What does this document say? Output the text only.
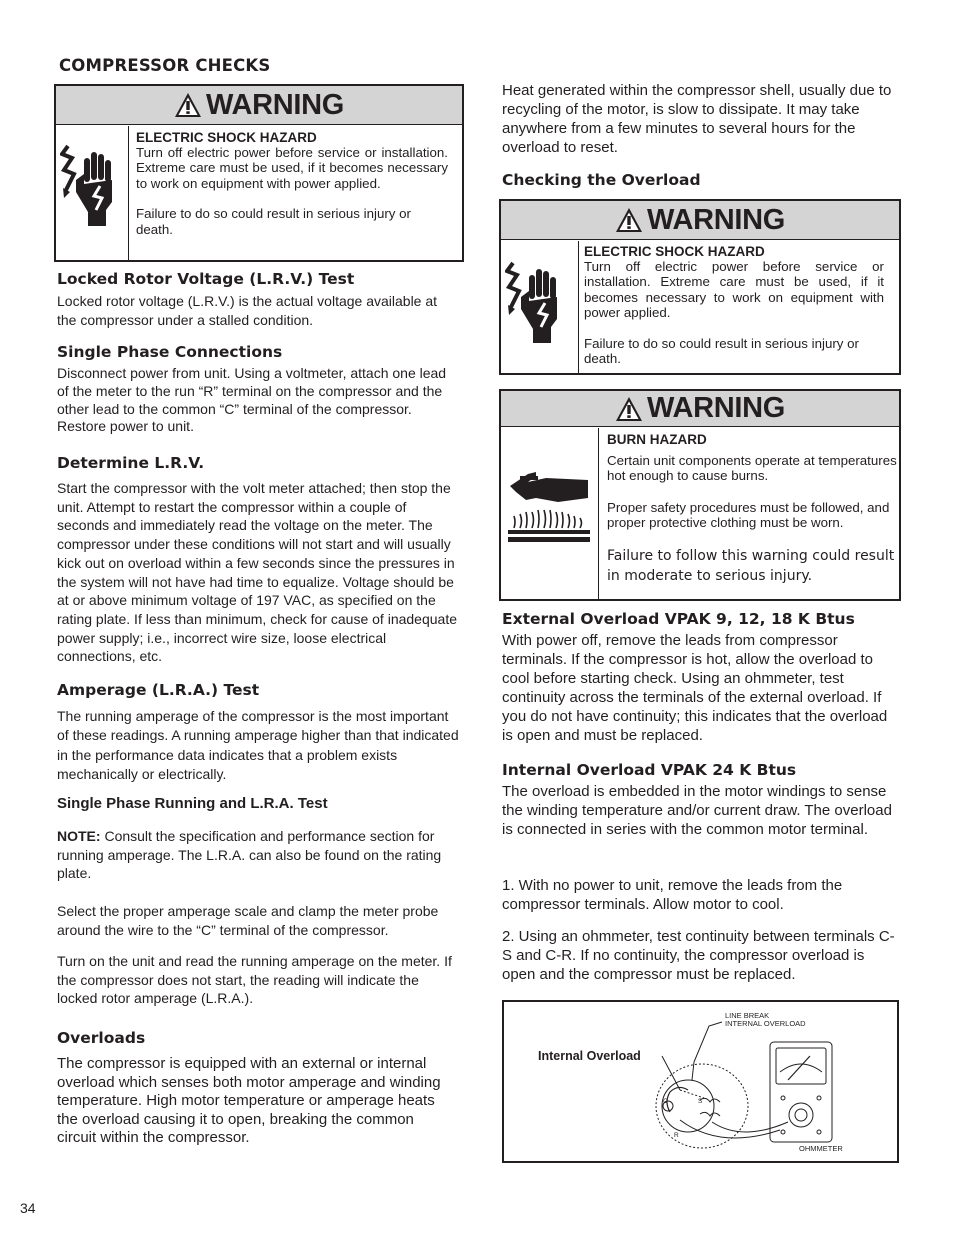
COMPRESSOR CHECKS
WARNING
ELECTRIC SHOCK HAZARD
Turn off electric power before service or installation. Extreme care must be used, if it becomes necessary to work on equipment with power applied.
Failure to do so could result in serious injury or death.
Locked Rotor Voltage (L.R.V.) Test
Locked rotor voltage (L.R.V.) is the actual voltage available at the compressor under a stalled condition.
Single Phase Connections
Disconnect power from unit. Using a voltmeter, attach one lead of the meter to the run “R” terminal on the compressor and the other lead to the common “C” terminal of the compressor. Restore power to unit.
Determine L.R.V.
Start the compressor with the volt meter attached; then stop the unit. Attempt to restart the compressor within a couple of seconds and immediately read the voltage on the meter. The compressor under these conditions will not start and will usually kick out on overload within a few seconds since the pressures in the system will not have had time to equalize. Voltage should be at or above minimum voltage of 197 VAC, as specified on the rating plate. If less than minimum, check for cause of inadequate power supply; i.e., incorrect wire size, loose electrical connections, etc.
Amperage (L.R.A.) Test
The running amperage of the compressor is the most important of these readings. A running amperage higher than that indicated in the performance data indicates that a problem exists mechanically or electrically.
Single Phase Running and L.R.A. Test
NOTE: Consult the specification and performance section for running amperage. The L.R.A. can also be found on the rating plate.
Select the proper amperage scale and clamp the meter probe around the wire to the “C” terminal of the compressor.
Turn on the unit and read the running amperage on the meter. If the compressor does not start, the reading will indicate the locked rotor amperage (L.R.A.).
Overloads
The compressor is equipped with an external or internal overload which senses both motor amperage and winding temperature. High motor temperature or amperage heats the overload causing it to open, breaking the common circuit within the compressor.
34
Heat generated within the compressor shell, usually due to recycling of the motor, is slow to dissipate. It may take anywhere from a few minutes to several hours for the overload to reset.
Checking the Overload
WARNING
ELECTRIC SHOCK HAZARD
Turn off electric power before service or installation. Extreme care must be used, if it becomes necessary to work on equipment with power applied.
Failure to do so could result in serious injury or death.
WARNING
BURN HAZARD
Certain unit components operate at temperatures hot enough to cause burns.
Proper safety procedures must be followed, and proper protective clothing must be worn.
Failure to follow this warning could result in moderate to serious injury.
External Overload VPAK 9, 12, 18 K Btus
With power off, remove the leads from compressor terminals. If the compressor is hot, allow the overload to cool before starting check. Using an ohmmeter, test continuity across the terminals of the external overload. If you do not have continuity; this indicates that the overload is open and must be replaced.
Internal Overload VPAK 24 K Btus
The overload is embedded in the motor windings to sense the winding temperature and/or current draw. The overload is connected in series with the common motor terminal.
1. With no power to unit, remove the leads from the compressor terminals. Allow motor to cool.
2. Using an ohmmeter, test continuity between terminals C-S and C-R. If no continuity, the compressor overload is open and the compressor must be replaced.
Internal Overload
LINE BREAK
INTERNAL OVERLOAD
OHMMETER
C	S
R
